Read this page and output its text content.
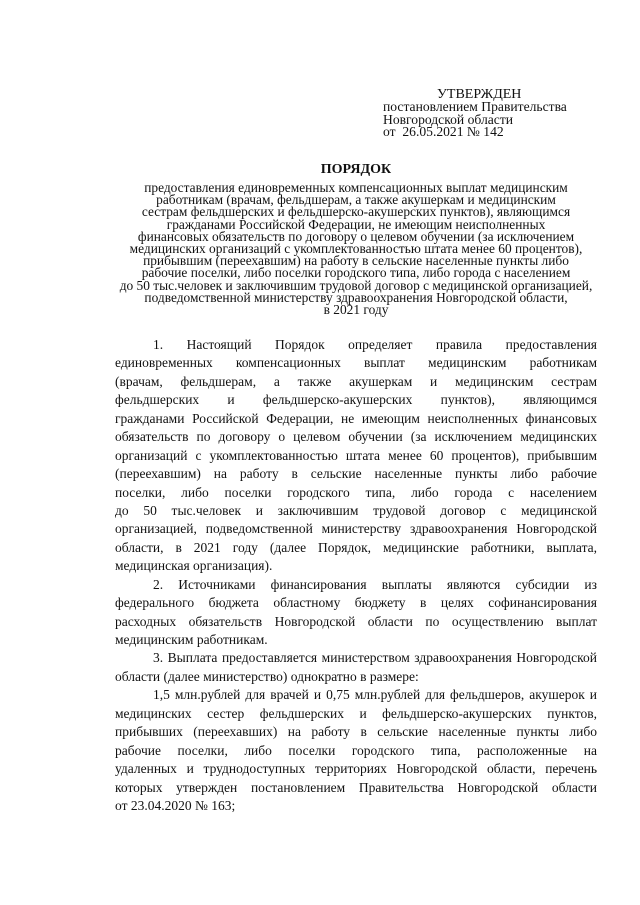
УТВЕРЖДЕН
постановлением Правительства
Новгородской области
от  26.05.2021 № 142
ПОРЯДОК
предоставления единовременных компенсационных выплат медицинским
работникам (врачам, фельдшерам, а также акушеркам и медицинским
сестрам фельдшерских и фельдшерско-акушерских пунктов), являющимся
гражданами Российской Федерации, не имеющим неисполненных
финансовых обязательств по договору о целевом обучении (за исключением
медицинских организаций с укомплектованностью штата менее 60 процентов),
прибывшим (переехавшим) на работу в сельские населенные пункты либо
рабочие поселки, либо поселки городского типа, либо города с населением
до 50 тыс.человек и заключившим трудовой договор с медицинской организацией,
подведомственной министерству здравоохранения Новгородской области,
в 2021 году
1. Настоящий Порядок определяет правила предоставления
единовременных компенсационных выплат медицинским работникам
(врачам, фельдшерам, а также акушеркам и медицинским сестрам
фельдшерских и фельдшерско-акушерских пунктов), являющимся
гражданами Российской Федерации, не имеющим неисполненных финансовых
обязательств по договору о целевом обучении (за исключением медицинских
организаций с укомплектованностью штата менее 60 процентов), прибывшим
(переехавшим) на работу в сельские населенные пункты либо рабочие
поселки, либо поселки городского типа, либо города с населением
до 50 тыс.человек и заключившим трудовой договор с медицинской
организацией, подведомственной министерству здравоохранения Новгородской
области, в 2021 году (далее Порядок, медицинские работники, выплата,
медицинская организация).
2. Источниками финансирования выплаты являются субсидии из
федерального бюджета областному бюджету в целях софинансирования
расходных обязательств Новгородской области по осуществлению выплат
медицинским работникам.
3. Выплата предоставляется министерством здравоохранения Новгородской
области (далее министерство) однократно в размере:
1,5 млн.рублей для врачей и 0,75 млн.рублей для фельдшеров, акушерок и
медицинских сестер фельдшерских и фельдшерско-акушерских пунктов,
прибывших (переехавших) на работу в сельские населенные пункты либо
рабочие поселки, либо поселки городского типа, расположенные на
удаленных и труднодоступных территориях Новгородской области, перечень
которых утвержден постановлением Правительства Новгородской области
от 23.04.2020 № 163;
